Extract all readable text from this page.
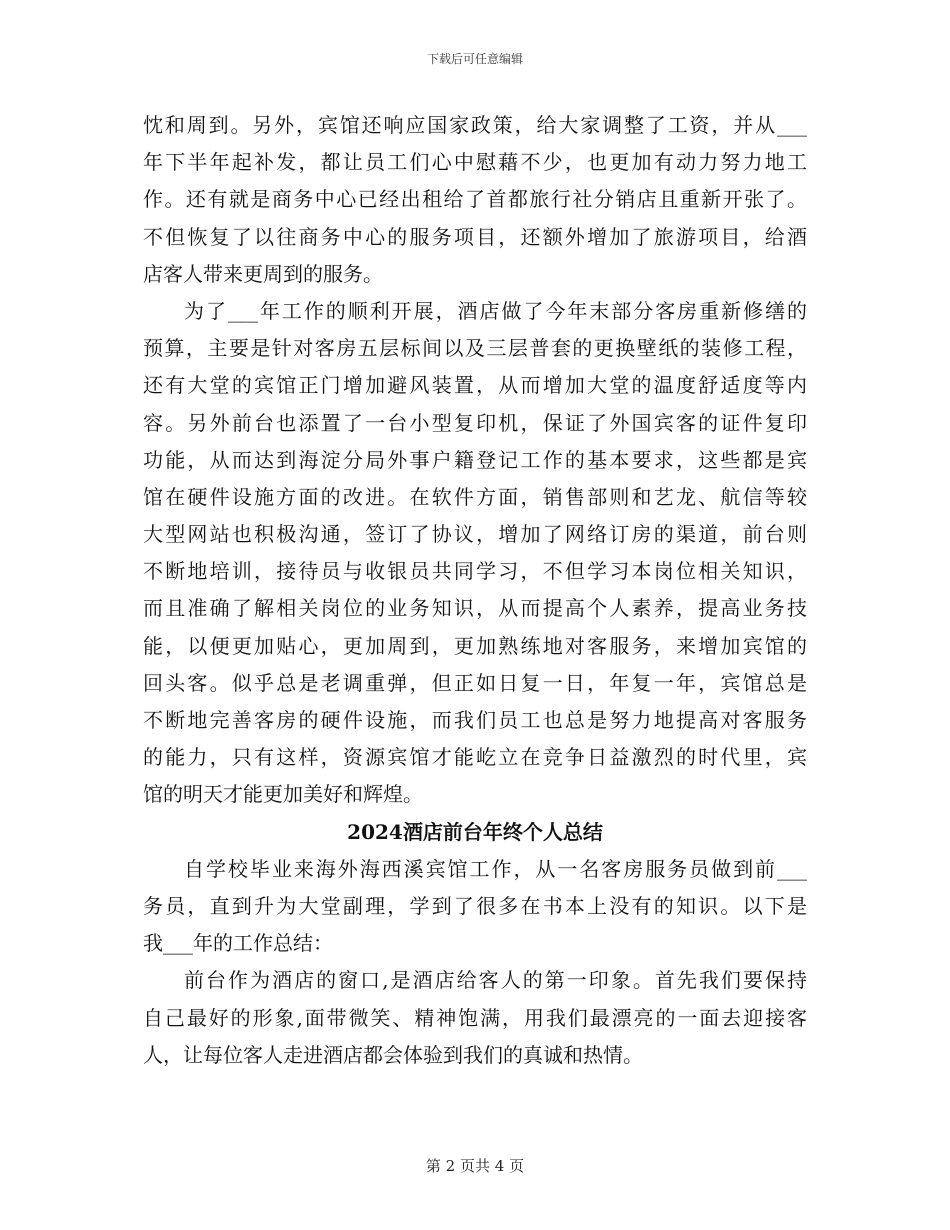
下载后可任意编辑
忱和周到。另外，宾馆还响应国家政策，给大家调整了工资，并从___
年下半年起补发，都让员工们心中慰藉不少，也更加有动力努力地工
作。还有就是商务中心已经出租给了首都旅行社分销店且重新开张了。
不但恢复了以往商务中心的服务项目，还额外增加了旅游项目，给酒
店客人带来更周到的服务。
为了___年工作的顺利开展，酒店做了今年末部分客房重新修缮的
预算，主要是针对客房五层标间以及三层普套的更换壁纸的装修工程，
还有大堂的宾馆正门增加避风装置，从而增加大堂的温度舒适度等内
容。另外前台也添置了一台小型复印机，保证了外国宾客的证件复印
功能，从而达到海淀分局外事户籍登记工作的基本要求，这些都是宾
馆在硬件设施方面的改进。在软件方面，销售部则和艺龙、航信等较
大型网站也积极沟通，签订了协议，增加了网络订房的渠道，前台则
不断地培训，接待员与收银员共同学习，不但学习本岗位相关知识，
而且准确了解相关岗位的业务知识，从而提高个人素养，提高业务技
能，以便更加贴心，更加周到，更加熟练地对客服务，来增加宾馆的
回头客。似乎总是老调重弹，但正如日复一日，年复一年，宾馆总是
不断地完善客房的硬件设施，而我们员工也总是努力地提高对客服务
的能力，只有这样，资源宾馆才能屹立在竞争日益激烈的时代里，宾
馆的明天才能更加美好和辉煌。
2024酒店前台年终个人总结
自学校毕业来海外海西溪宾馆工作，从一名客房服务员做到前___
务员，直到升为大堂副理，学到了很多在书本上没有的知识。以下是
我___年的工作总结：
前台作为酒店的窗口,是酒店给客人的第一印象。首先我们要保持
自己最好的形象,面带微笑、精神饱满，用我们最漂亮的一面去迎接客
人，让每位客人走进酒店都会体验到我们的真诚和热情。
第 2 页共 4 页
